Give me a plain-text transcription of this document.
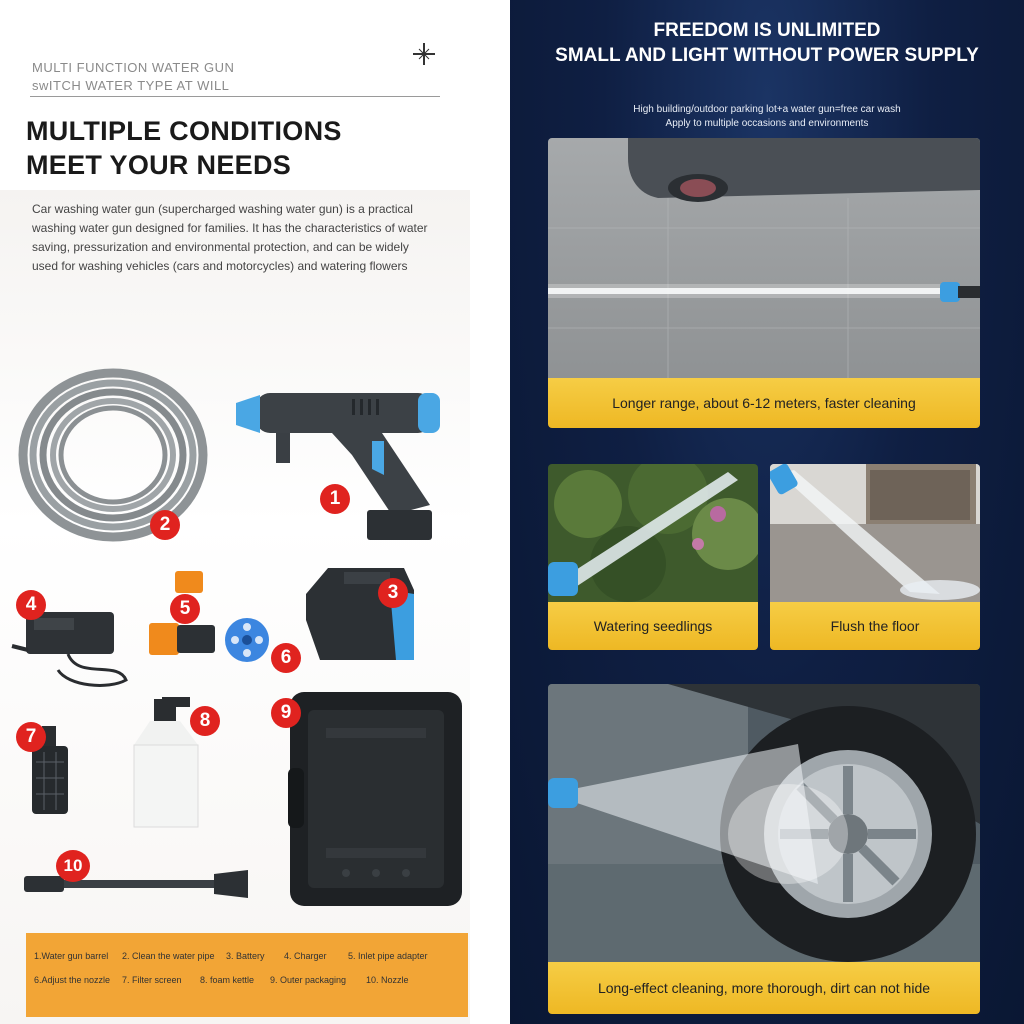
MULTI FUNCTION WATER GUN
swITCH WATER TYPE AT WILL
MULTIPLE CONDITIONS
MEET YOUR NEEDS
Car washing water gun (supercharged washing water gun) is a practical washing water gun designed for families. It has the characteristics of water saving, pressurization and environmental protection, and can be widely used for washing vehicles (cars and motorcycles) and watering flowers
1
2
3
4	5
6
7
8	9
10
1.Water gun barrel 2. Clean the water pipe 3. Battery 4. Charger 5. Inlet pipe adapter
6.Adjust the nozzle 7. Filter screen 8. foam kettle 9. Outer packaging 10. Nozzle
FREEDOM IS UNLIMITED
SMALL AND LIGHT WITHOUT POWER SUPPLY
High building/outdoor parking lot+a water gun=free car wash
Apply to multiple occasions and environments
Longer range, about 6-12 meters, faster cleaning
Watering seedlings	Flush the floor
Long-effect cleaning, more thorough, dirt can not hide
